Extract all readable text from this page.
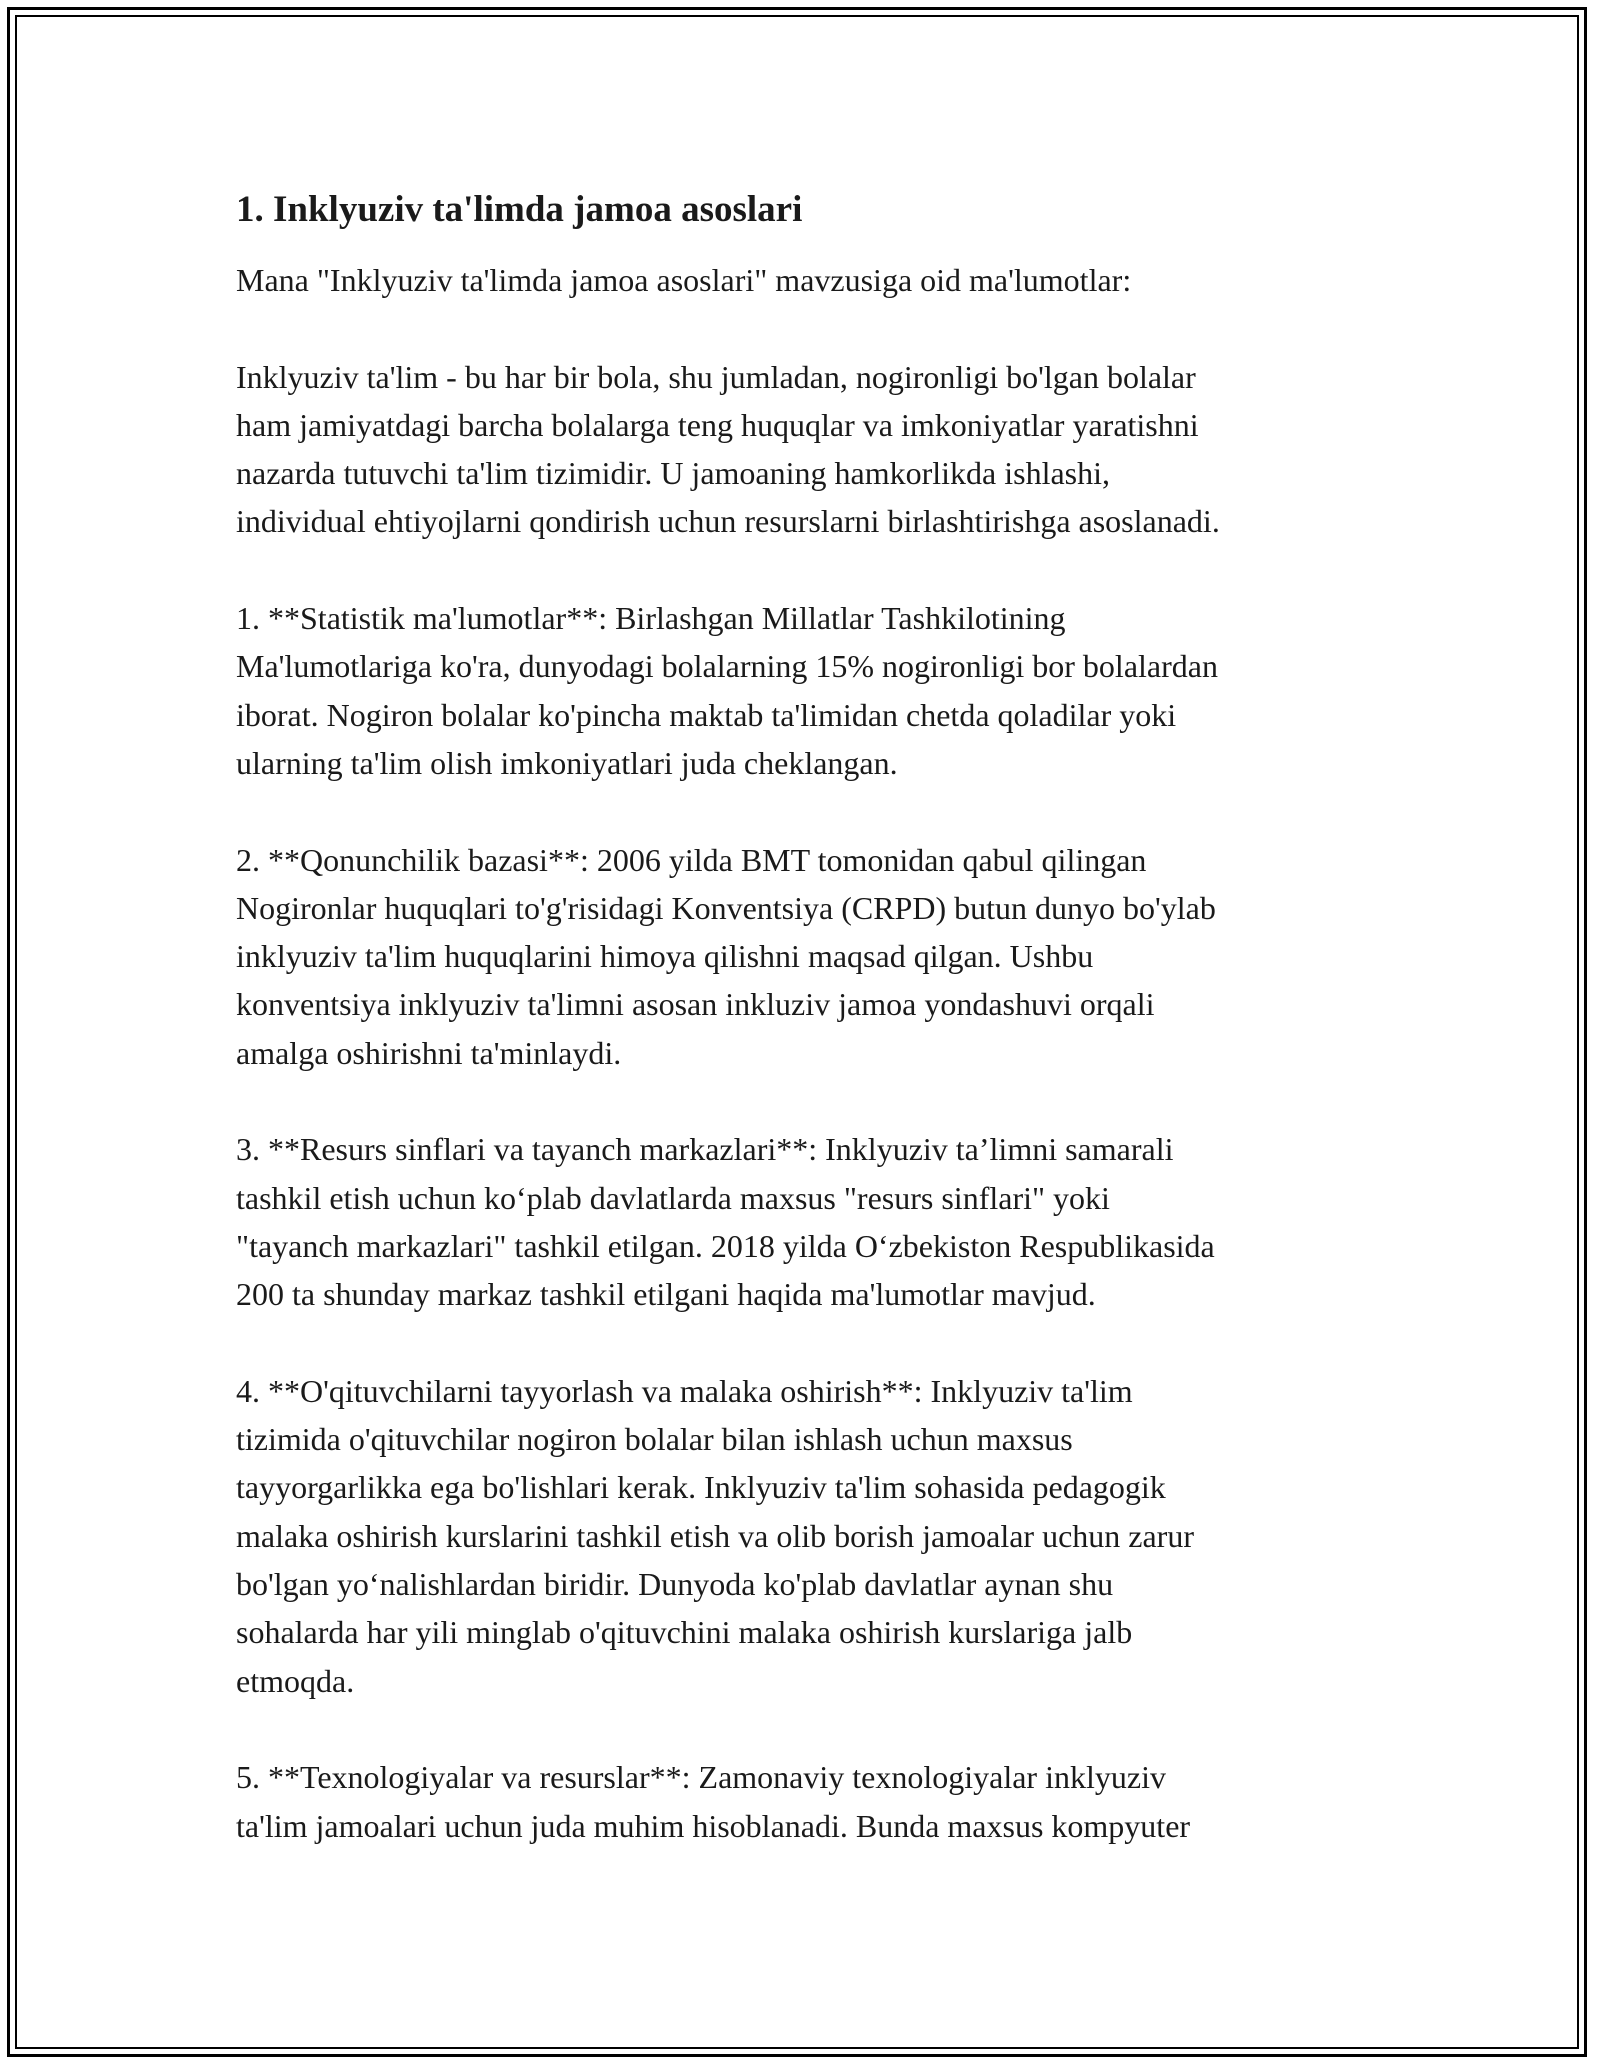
1. Inklyuziv ta'limda jamoa asoslari
Mana "Inklyuziv ta'limda jamoa asoslari" mavzusiga oid ma'lumotlar:
Inklyuziv ta'lim - bu har bir bola, shu jumladan, nogironligi bo'lgan bolalar
ham jamiyatdagi barcha bolalarga teng huquqlar va imkoniyatlar yaratishni
nazarda tutuvchi ta'lim tizimidir. U jamoaning hamkorlikda ishlashi,
individual ehtiyojlarni qondirish uchun resurslarni birlashtirishga asoslanadi.
1. **Statistik ma'lumotlar**: Birlashgan Millatlar Tashkilotining
Ma'lumotlariga ko'ra, dunyodagi bolalarning 15% nogironligi bor bolalardan
iborat. Nogiron bolalar ko'pincha maktab ta'limidan chetda qoladilar yoki
ularning ta'lim olish imkoniyatlari juda cheklangan.
2. **Qonunchilik bazasi**: 2006 yilda BMT tomonidan qabul qilingan
Nogironlar huquqlari to'g'risidagi Konventsiya (CRPD) butun dunyo bo'ylab
inklyuziv ta'lim huquqlarini himoya qilishni maqsad qilgan. Ushbu
konventsiya inklyuziv ta'limni asosan inkluziv jamoa yondashuvi orqali
amalga oshirishni ta'minlaydi.
3. **Resurs sinflari va tayanch markazlari**: Inklyuziv ta’limni samarali
tashkil etish uchun ko‘plab davlatlarda maxsus "resurs sinflari" yoki
"tayanch markazlari" tashkil etilgan. 2018 yilda O‘zbekiston Respublikasida
200 ta shunday markaz tashkil etilgani haqida ma'lumotlar mavjud.
4. **O'qituvchilarni tayyorlash va malaka oshirish**: Inklyuziv ta'lim
tizimida o'qituvchilar nogiron bolalar bilan ishlash uchun maxsus
tayyorgarlikka ega bo'lishlari kerak. Inklyuziv ta'lim sohasida pedagogik
malaka oshirish kurslarini tashkil etish va olib borish jamoalar uchun zarur
bo'lgan yo‘nalishlardan biridir. Dunyoda ko'plab davlatlar aynan shu
sohalarda har yili minglab o'qituvchini malaka oshirish kurslariga jalb
etmoqda.
5. **Texnologiyalar va resurslar**: Zamonaviy texnologiyalar inklyuziv
ta'lim jamoalari uchun juda muhim hisoblanadi. Bunda maxsus kompyuter
